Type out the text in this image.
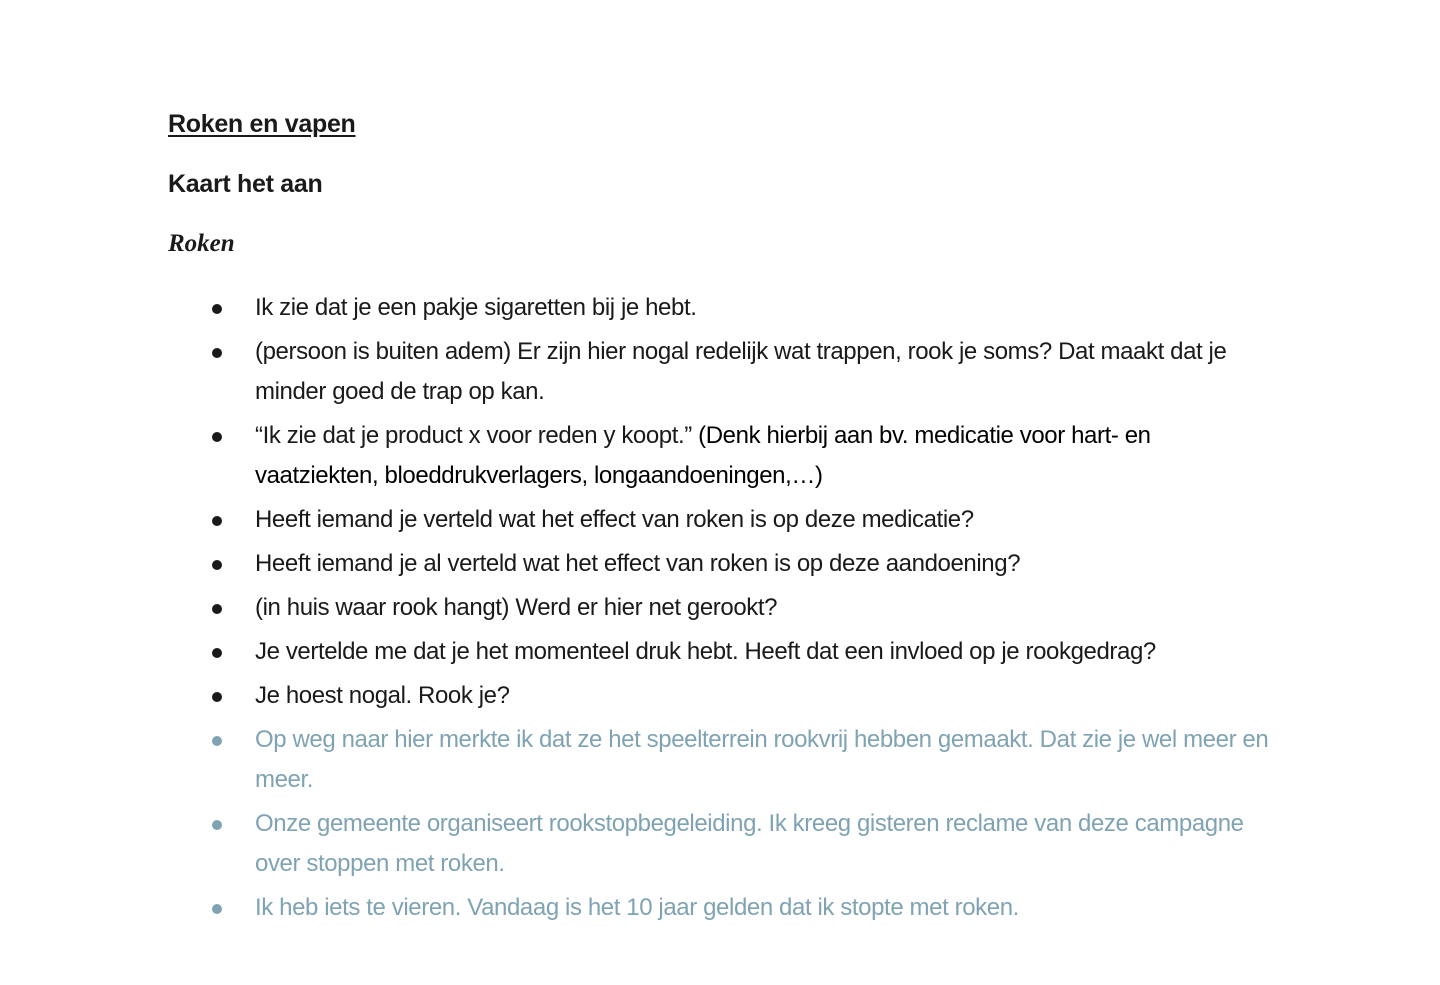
Roken en vapen
Kaart het aan
Roken
Ik zie dat je een pakje sigaretten bij je hebt.
(persoon is buiten adem) Er zijn hier nogal redelijk wat trappen, rook je soms? Dat maakt dat je minder goed de trap op kan.
“Ik zie dat je product x voor reden y koopt.” (Denk hierbij aan bv. medicatie voor hart- en vaatziekten, bloeddrukverlagers, longaandoeningen,…)
Heeft iemand je verteld wat het effect van roken is op deze medicatie?
Heeft iemand je al verteld wat het effect van roken is op deze aandoening?
(in huis waar rook hangt) Werd er hier net gerookt?
Je vertelde me dat je het momenteel druk hebt. Heeft dat een invloed op je rookgedrag?
Je hoest nogal. Rook je?
Op weg naar hier merkte ik dat ze het speelterrein rookvrij hebben gemaakt. Dat zie je wel meer en meer.
Onze gemeente organiseert rookstopbegeleiding. Ik kreeg gisteren reclame van deze campagne over stoppen met roken.
Ik heb iets te vieren. Vandaag is het 10 jaar gelden dat ik stopte met roken.
